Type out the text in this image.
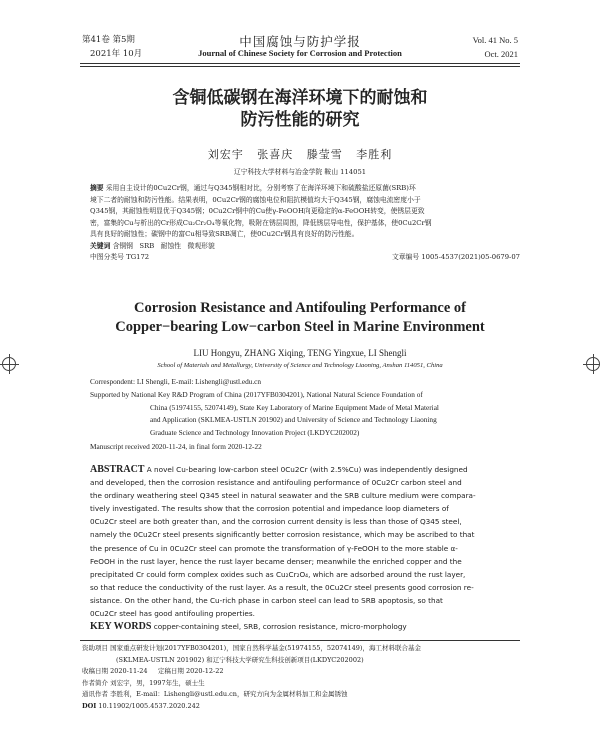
第41卷 第5期
2021年 10月
中国腐蚀与防护学报
Journal of Chinese Society for Corrosion and Protection
Vol. 41 No. 5
Oct. 2021
含铜低碳钢在海洋环境下的耐蚀和
防污性能的研究
刘宏宇   张喜庆   滕莹雪   李胜利
辽宁科技大学材料与冶金学院 鞍山 114051
摘要 采用自主设计的0Cu2Cr钢，通过与Q345钢相对比，分别考察了在海洋环境下和硫酸盐还原菌(SRB)环
境下二者的耐蚀和防污性能。结果表明，0Cu2Cr钢的腐蚀电位和阻抗模值均大于Q345钢，腐蚀电流密度小于
Q345钢，其耐蚀性明显优于Q345钢；0Cu2Cr钢中的Cu使γ-FeOOH向更稳定的α-FeOOH转变，使锈层更致
密，富集的Cu与析出的Cr形成Cu₂Cr₂O₄等氧化物，吸附在锈层周围，降低锈层导电性，保护基体，使0Cu2Cr钢
具有良好的耐蚀性；碳钢中的富Cu相导致SRB凋亡，使0Cu2Cr钢具有良好的防污性能。
关键词 含铜钢   SRB   耐蚀性   微观形貌
中图分类号 TG172	文章编号 1005-4537(2021)05-0679-07
Corrosion Resistance and Antifouling Performance of
Copper−bearing Low−carbon Steel in Marine Environment
LIU Hongyu, ZHANG Xiqing, TENG Yingxue, LI Shengli
School of Materials and Metallurgy, University of Science and Technology Liaoning, Anshan 114051, China
Correspondent: LI Shengli, E-mail: Lishengli@ustl.edu.cn
Supported by National Key R&D Program of China (2017YFB0304201), National Natural Science Foundation of
China (51974155, 52074149), State Key Laboratory of Marine Equipment Made of Metal Material
and Application (SKLMEA-USTLN 201902) and University of Science and Technology Liaoning
Graduate Science and Technology Innovation Project (LKDYC202002)
Manuscript received 2020-11-24, in final form 2020-12-22
ABSTRACT A novel Cu-bearing low-carbon steel 0Cu2Cr (with 2.5%Cu) was independently designed
and developed, then the corrosion resistance and antifouling performance of 0Cu2Cr carbon steel and
the ordinary weathering steel Q345 steel in natural seawater and the SRB culture medium were compara-
tively investigated. The results show that the corrosion potential and impedance loop diameters of
0Cu2Cr steel are both greater than, and the corrosion current density is less than those of Q345 steel,
namely the 0Cu2Cr steel presents significantly better corrosion resistance, which may be ascribed to that
the presence of Cu in 0Cu2Cr steel can promote the transformation of γ-FeOOH to the more stable α-
FeOOH in the rust layer, hence the rust layer became denser; meanwhile the enriched copper and the
precipitated Cr could form complex oxides such as Cu₂Cr₂O₄, which are adsorbed around the rust layer,
so that reduce the conductivity of the rust layer. As a result, the 0Cu2Cr steel presents good corrosion re-
sistance. On the other hand, the Cu-rich phase in carbon steel can lead to SRB apoptosis, so that
0Cu2Cr steel has good antifouling properties.
KEY WORDS copper-containing steel, SRB, corrosion resistance, micro-morphology
资助项目 国家重点研发计划(2017YFB0304201)，国家自然科学基金(51974155，52074149)，海工材料联合基金
(SKLMEA-USTLN 201902) 和辽宁科技大学研究生科技创新项目(LKDYC202002)
收稿日期 2020-11-24 定稿日期 2020-12-22
作者简介 刘宏宇，男，1997年生，硕士生
通讯作者 李胜利，E-mail：Lishengli@ustl.edu.cn，研究方向为金属材料加工和金属锈蚀
DOI 10.11902/1005.4537.2020.242
